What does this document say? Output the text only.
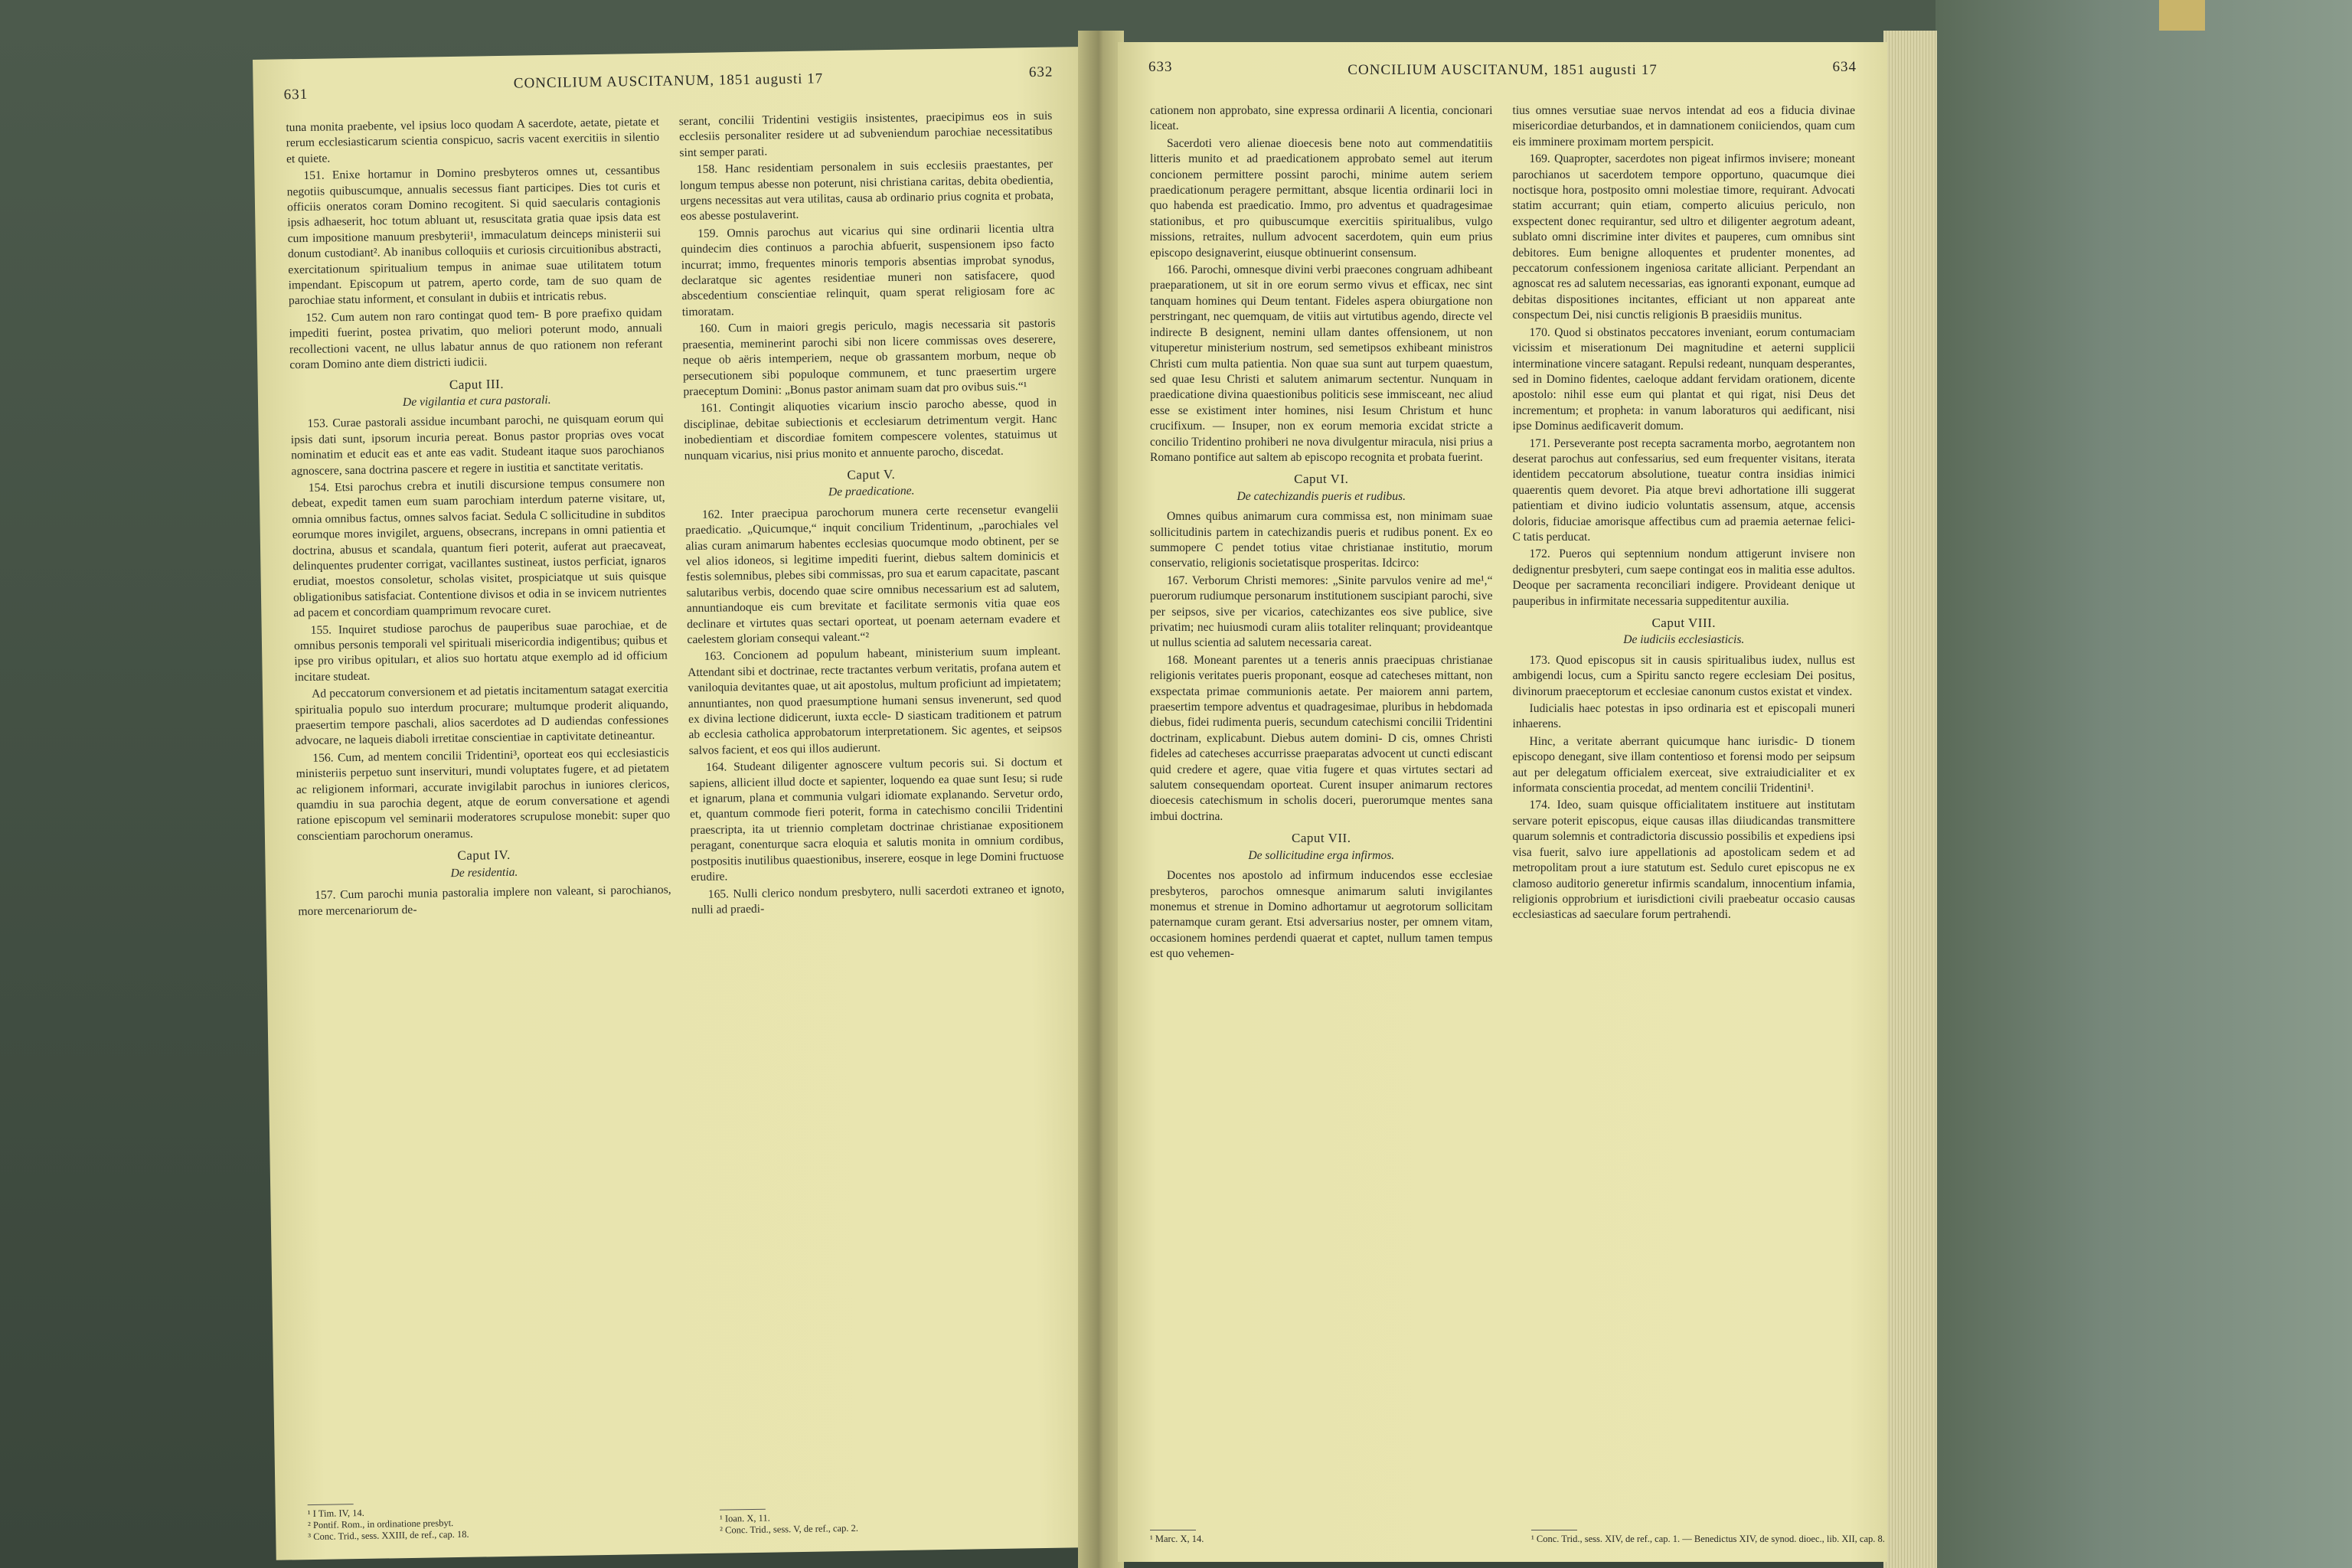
631
CONCILIUM AUSCITANUM, 1851 augusti 17	632

tuna monita praebente, vel ipsius loco quodam A sacerdote, aetate, pietate et rerum ecclesiasticarum scientia conspicuo, sacris vacent exercitiis in silentio et quiete.

151. Enixe hortamur in Domino presbyteros omnes ut, cessantibus negotiis quibuscumque, annualis secessus fiant participes. Dies tot curis et officiis oneratos coram Domino recogitent. Si quid saecularis contagionis ipsis adhaeserit, hoc totum abluant ut, resuscitata gratia quae ipsis data est cum impositione manuum presbyterii¹, immaculatum deinceps ministerii sui donum custodiant². Ab inanibus colloquiis et curiosis circuitionibus abstracti, exercitationum spiritualium tempus in animae suae utilitatem totum impendant. Episcopum ut patrem, aperto corde, tam de suo quam de parochiae statu informent, et consulant in dubiis et intricatis rebus.

152. Cum autem non raro contingat quod tem- B pore praefixo quidam impediti fuerint, postea privatim, quo meliori poterunt modo, annuali recollectioni vacent, ne ullus labatur annus de quo rationem non referant coram Domino ante diem districti iudicii.

Caput III.
De vigilantia et cura pastorali.

153. Curae pastorali assidue incumbant parochi, ne quisquam eorum qui ipsis dati sunt, ipsorum incuria pereat. Bonus pastor proprias oves vocat nominatim et educit eas et ante eas vadit. Studeant itaque suos parochianos agnoscere, sana doctrina pascere et regere in iustitia et sanctitate veritatis.

154. Etsi parochus crebra et inutili discursione tempus consumere non debeat, expedit tamen eum suam parochiam interdum paterne visitare, ut, omnia omnibus factus, omnes salvos faciat. Sedula C sollicitudine in subditos eorumque mores invigilet, arguens, obsecrans, increpans in omni patientia et doctrina, abusus et scandala, quantum fieri poterit, auferat aut praecaveat, delinquentes prudenter corrigat, vacillantes sustineat, iustos perficiat, ignaros erudiat, moestos consoletur, scholas visitet, prospiciatque ut suis quisque obligationibus satisfaciat. Contentione divisos et odia in se invicem nutrientes ad pacem et concordiam quamprimum revocare curet.

155. Inquiret studiose parochus de pauperibus suae parochiae, et de omnibus personis temporali vel spirituali misericordia indigentibus; quibus et ipse pro viribus opituları, et alios suo hortatu atque exemplo ad id officium incitare studeat.

Ad peccatorum conversionem et ad pietatis incitamentum satagat exercitia spiritualia populo suo interdum procurare; multumque proderit aliquando, praesertim tempore paschali, alios sacerdotes ad D audiendas confessiones advocare, ne laqueis diaboli irretitae conscientiae in captivitate detineantur.

156. Cum, ad mentem concilii Tridentini³, oporteat eos qui ecclesiasticis ministeriis perpetuo sunt inservituri, mundi voluptates fugere, et ad pietatem ac religionem informari, accurate invigilabit parochus in iuniores clericos, quamdiu in sua parochia degent, atque de eorum conversatione et agendi ratione episcopum vel seminarii moderatores scrupulose monebit: super quo conscientiam parochorum oneramus.

Caput IV.
De residentia.

157. Cum parochi munia pastoralia implere non valeant, si parochianos, more mercenariorum de-

serant, concilii Tridentini vestigiis insistentes, praecipimus eos in suis ecclesiis personaliter residere ut ad subveniendum parochiae necessitatibus sint semper parati.

158. Hanc residentiam personalem in suis ecclesiis praestantes, per longum tempus abesse non poterunt, nisi christiana caritas, debita obedientia, urgens necessitas aut vera utilitas, causa ab ordinario prius cognita et probata, eos abesse postulaverint.

159. Omnis parochus aut vicarius qui sine ordinarii licentia ultra quindecim dies continuos a parochia abfuerit, suspensionem ipso facto incurrat; immo, frequentes minoris temporis absentias improbat synodus, declaratque sic agentes residentiae muneri non satisfacere, quod abscedentium conscientiae relinquit, quam sperat religiosam fore ac timoratam.

160. Cum in maiori gregis periculo, magis necessaria sit pastoris praesentia, meminerint parochi sibi non licere commissas oves deserere, neque ob aëris intemperiem, neque ob grassantem morbum, neque ob persecutionem sibi populoque communem, et tunc praesertim urgere praeceptum Domini: „Bonus pastor animam suam dat pro ovibus suis.“¹

161. Contingit aliquoties vicarium inscio parocho abesse, quod in disciplinae, debitae subiectionis et ecclesiarum detrimentum vergit. Hanc inobedientiam et discordiae fomitem compescere volentes, statuimus ut nunquam vicarius, nisi prius monito et annuente parocho, discedat.

Caput V.
De praedicatione.

162. Inter praecipua parochorum munera certe recensetur evangelii praedicatio. „Quicumque,“ inquit concilium Tridentinum, „parochiales vel alias curam animarum habentes ecclesias quocumque modo obtinent, per se vel alios idoneos, si legitime impediti fuerint, diebus saltem dominicis et festis solemnibus, plebes sibi commissas, pro sua et earum capacitate, pascant salutaribus verbis, docendo quae scire omnibus necessarium est ad salutem, annuntiandoque eis cum brevitate et facilitate sermonis vitia quae eos declinare et virtutes quas sectari oporteat, ut poenam aeternam evadere et caelestem gloriam consequi valeant.“²

163. Concionem ad populum habeant, ministerium suum impleant. Attendant sibi et doctrinae, recte tractantes verbum veritatis, profana autem et vaniloquia devitantes quae, ut ait apostolus, multum proficiunt ad impietatem; annuntiantes, non quod praesumptione humani sensus invenerunt, sed quod ex divina lectione didicerunt, iuxta eccle- D siasticam traditionem et patrum ab ecclesia catholica approbatorum interpretationem. Sic agentes, et seipsos salvos facient, et eos qui illos audierunt.

164. Studeant diligenter agnoscere vultum pecoris sui. Si doctum et sapiens, allicient illud docte et sapienter, loquendo ea quae sunt Iesu; si rude et ignarum, plana et communia vulgari idiomate explanando. Servetur ordo, et, quantum commode fieri poterit, forma in catechismo concilii Tridentini praescripta, ita ut triennio completam doctrinae christianae expositionem peragant, conenturque sacra eloquia et salutis monita in omnium cordibus, postpositis inutilibus quaestionibus, inserere, eosque in lege Domini fructuose erudire.

165. Nulli clerico nondum presbytero, nulli sacerdoti extraneo et ignoto, nulli ad praedi-

¹ I Tim. IV, 14.
² Pontif. Rom., in ordinatione presbyt.
³ Conc. Trid., sess. XXIII, de ref., cap. 18.
¹ Ioan. X, 11.
² Conc. Trid., sess. V, de ref., cap. 2.
633	CONCILIUM AUSCITANUM, 1851 augusti 17	634

cationem non approbato, sine expressa ordinarii A licentia, concionari liceat.

Sacerdoti vero alienae dioecesis bene noto aut commendatitiis litteris munito et ad praedicationem approbato semel aut iterum concionem permittere possint parochi, minime autem seriem praedicationum peragere permittant, absque licentia ordinarii loci in quo habenda est praedicatio. Immo, pro adventus et quadragesimae stationibus, et pro quibuscumque exercitiis spiritualibus, vulgo missions, retraites, nullum advocent sacerdotem, quin eum prius episcopo designaverint, eiusque obtinuerint consensum.

166. Parochi, omnesque divini verbi praecones congruam adhibeant praeparationem, ut sit in ore eorum sermo vivus et efficax, nec sint tanquam homines qui Deum tentant. Fideles aspera obiurgatione non perstringant, nec quemquam, de vitiis aut virtutibus agendo, directe vel indirecte B designent, nemini ullam dantes offensionem, ut non vituperetur ministerium nostrum, sed semetipsos exhibeant ministros Christi cum multa patientia. Non quae sua sunt aut turpem quaestum, sed quae Iesu Christi et salutem animarum sectentur. Nunquam in praedicatione divina quaestionibus politicis sese immisceant, nec aliud esse se existiment inter homines, nisi Iesum Christum et hunc crucifixum. — Insuper, non ex eorum memoria excidat stricte a concilio Tridentino prohiberi ne nova divulgentur miracula, nisi prius a Romano pontifice aut saltem ab episcopo recognita et probata fuerint.

Caput VI.
De catechizandis pueris et rudibus.

Omnes quibus animarum cura commissa est, non minimam suae sollicitudinis partem in catechizandis pueris et rudibus ponent. Ex eo summopere C pendet totius vitae christianae institutio, morum conservatio, religionis societatisque prosperitas. Idcirco:

167. Verborum Christi memores: „Sinite parvulos venire ad me¹,“ puerorum rudiumque personarum institutionem suscipiant parochi, sive per seipsos, sive per vicarios, catechizantes eos sive publice, sive privatim; nec huiusmodi curam aliis totaliter relinquant; provideantque ut nullus scientia ad salutem necessaria careat.

168. Moneant parentes ut a teneris annis praecipuas christianae religionis veritates pueris proponant, eosque ad catecheses mittant, non exspectata primae communionis aetate. Per maiorem anni partem, praesertim tempore adventus et quadragesimae, pluribus in hebdomada diebus, fidei rudimenta pueris, secundum catechismi concilii Tridentini doctrinam, explicabunt. Diebus autem domini- D cis, omnes Christi fideles ad catecheses accurrisse praeparatas advocent ut cuncti ediscant quid credere et agere, quae vitia fugere et quas virtutes sectari ad salutem consequendam oporteat. Curent insuper animarum rectores dioecesis catechismum in scholis doceri, puerorumque mentes sana imbui doctrina.

Caput VII.
De sollicitudine erga infirmos.

Docentes nos apostolo ad infirmum inducendos esse ecclesiae presbyteros, parochos omnesque animarum saluti invigilantes monemus et strenue in Domino adhortamur ut aegrotorum sollicitam paternamque curam gerant. Etsi adversarius noster, per omnem vitam, occasionem homines perdendi quaerat et captet, nullum tamen tempus est quo vehemen-

tius omnes versutiae suae nervos intendat ad eos a fiducia divinae misericordiae deturbandos, et in damnationem coniiciendos, quam cum eis imminere proximam mortem perspicit.

169. Quapropter, sacerdotes non pigeat infirmos invisere; moneant parochianos ut sacerdotem tempore opportuno, quacumque diei noctisque hora, postposito omni molestiae timore, requirant. Advocati statim accurrant; quin etiam, comperto alicuius periculo, non exspectent donec requirantur, sed ultro et diligenter aegrotum adeant, sublato omni discrimine inter divites et pauperes, cum omnibus sint debitores. Eum benigne alloquentes et prudenter monentes, ad peccatorum confessionem ingeniosa caritate alliciant. Perpendant an agnoscat res ad salutem necessarias, eas ignoranti exponant, eumque ad debitas dispositiones incitantes, efficiant ut non appareat ante conspectum Dei, nisi cunctis religionis B praesidiis munitus.

170. Quod si obstinatos peccatores inveniant, eorum contumaciam vicissim et miserationum Dei magnitudine et aeterni supplicii interminatione vincere satagant. Repulsi redeant, nunquam desperantes, sed in Domino fidentes, caeloque addant fervidam orationem, dicente apostolo: nihil esse eum qui plantat et qui rigat, nisi Deus det incrementum; et propheta: in vanum laboraturos qui aedificant, nisi ipse Dominus aedificaverit domum.

171. Perseverante post recepta sacramenta morbo, aegrotantem non deserat parochus aut confessarius, sed eum frequenter visitans, iterata identidem peccatorum absolutione, tueatur contra insidias inimici quaerentis quem devoret. Pia atque brevi adhortatione illi suggerat patientiam et divino iudicio voluntatis assensum, atque, accensis doloris, fiduciae amorisque affectibus cum ad praemia aeternae felici- C tatis perducat.

172. Pueros qui septennium nondum attigerunt invisere non dedignentur presbyteri, cum saepe contingat eos in malitia esse adultos. Deoque per sacramenta reconciliari indigere. Provideant denique ut pauperibus in infirmitate necessaria suppeditentur auxilia.

Caput VIII.
De iudiciis ecclesiasticis.

173. Quod episcopus sit in causis spiritualibus iudex, nullus est ambigendi locus, cum a Spiritu sancto regere ecclesiam Dei positus, divinorum praeceptorum et ecclesiae canonum custos existat et vindex.

Iudicialis haec potestas in ipso ordinaria est et episcopali muneri inhaerens.

Hinc, a veritate aberrant quicumque hanc iurisdic- D tionem episcopo denegant, sive illam contentioso et forensi modo per seipsum aut per delegatum officialem exerceat, sive extraiudicialiter et ex informata conscientia procedat, ad mentem concilii Tridentini¹.

174. Ideo, suam quisque officialitatem instituere aut institutam servare poterit episcopus, eique causas illas diiudicandas transmittere quarum solemnis et contradictoria discussio possibilis et expediens ipsi visa fuerit, salvo iure appellationis ad apostolicam sedem et ad metropolitam prout a iure statutum est. Sedulo curet episcopus ne ex clamoso auditorio generetur infirmis scandalum, innocentium infamia, religionis opprobrium et iurisdictioni civili praebeatur occasio causas ecclesiasticas ad saeculare forum pertrahendi.

¹ Marc. X, 14.	¹ Conc. Trid., sess. XIV, de ref., cap. 1. — Benedictus XIV, de synod. dioec., lib. XII, cap. 8.
